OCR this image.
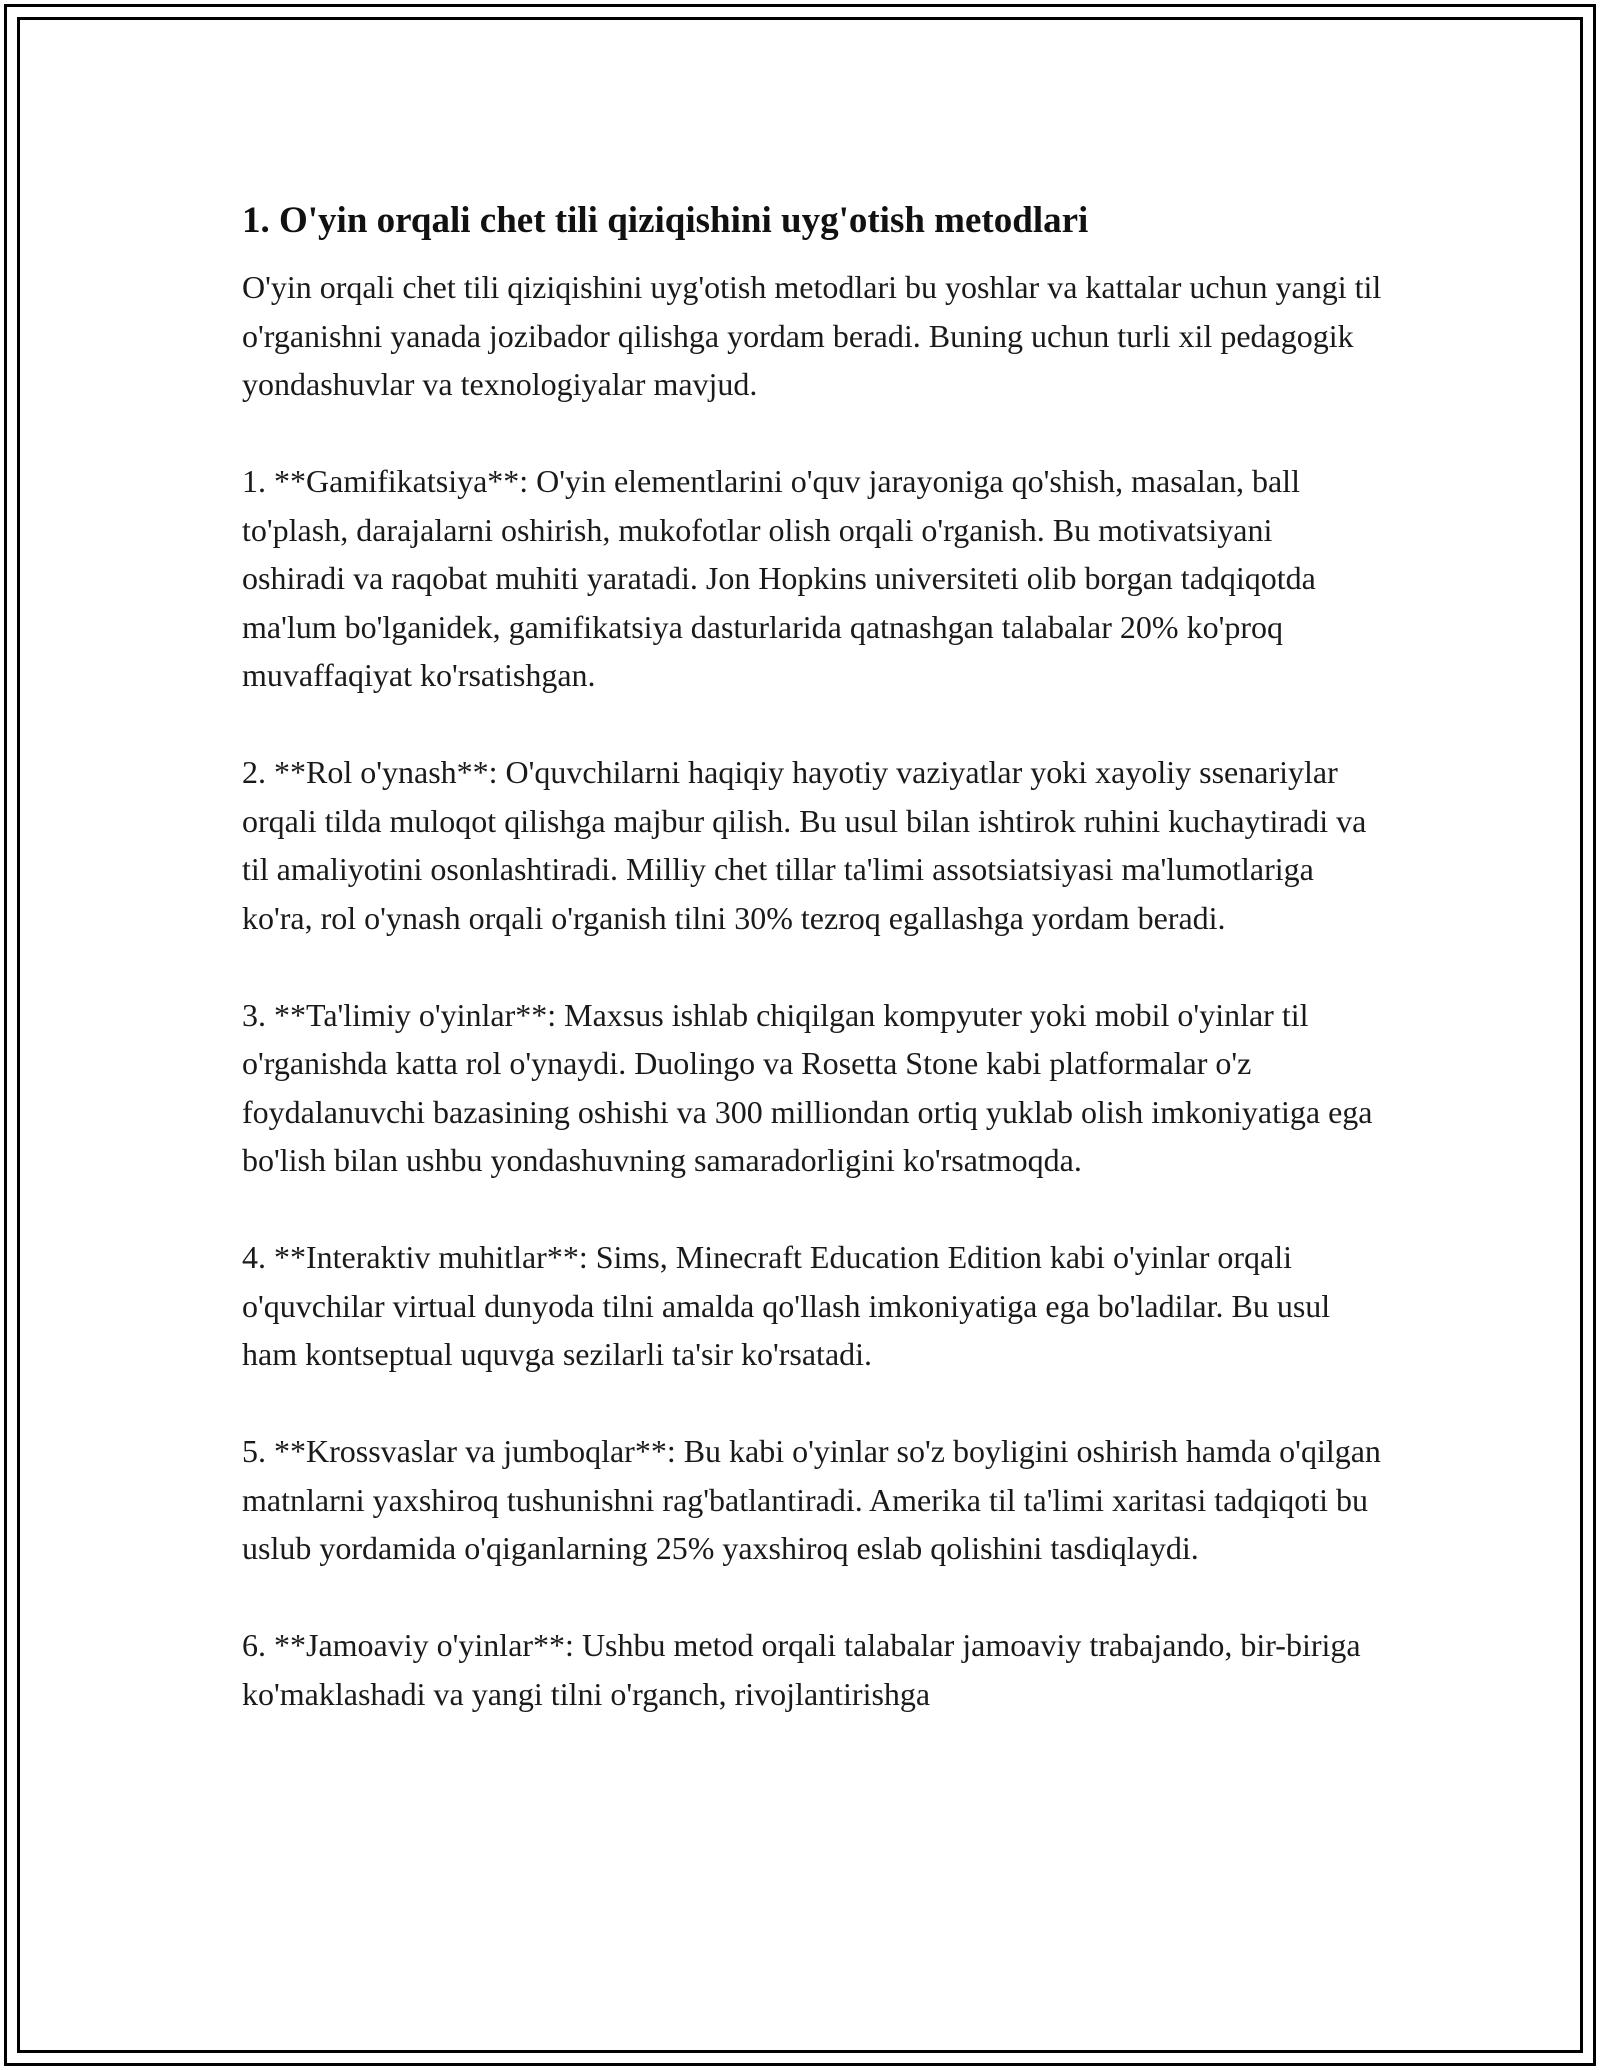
1. O'yin orqali chet tili qiziqishini uyg'otish metodlari

O'yin orqali chet tili qiziqishini uyg'otish metodlari bu yoshlar va kattalar uchun yangi til o'rganishni yanada jozibador qilishga yordam beradi. Buning uchun turli xil pedagogik yondashuvlar va texnologiyalar mavjud.

1. **Gamifikatsiya**: O'yin elementlarini o'quv jarayoniga qo'shish, masalan, ball to'plash, darajalarni oshirish, mukofotlar olish orqali o'rganish. Bu motivatsiyani oshiradi va raqobat muhiti yaratadi. Jon Hopkins universiteti olib borgan tadqiqotda ma'lum bo'lganidek, gamifikatsiya dasturlarida qatnashgan talabalar 20% ko'proq muvaffaqiyat ko'rsatishgan.

2. **Rol o'ynash**: O'quvchilarni haqiqiy hayotiy vaziyatlar yoki xayoliy ssenariylar orqali tilda muloqot qilishga majbur qilish. Bu usul bilan ishtirok ruhini kuchaytiradi va til amaliyotini osonlashtiradi. Milliy chet tillar ta'limi assotsiatsiyasi ma'lumotlariga ko'ra, rol o'ynash orqali o'rganish tilni 30% tezroq egallashga yordam beradi.

3. **Ta'limiy o'yinlar**: Maxsus ishlab chiqilgan kompyuter yoki mobil o'yinlar til o'rganishda katta rol o'ynaydi. Duolingo va Rosetta Stone kabi platformalar o'z foydalanuvchi bazasining oshishi va 300 milliondan ortiq yuklab olish imkoniyatiga ega bo'lish bilan ushbu yondashuvning samaradorligini ko'rsatmoqda.

4. **Interaktiv muhitlar**: Sims, Minecraft Education Edition kabi o'yinlar orqali o'quvchilar virtual dunyoda tilni amalda qo'llash imkoniyatiga ega bo'ladilar. Bu usul ham kontseptual uquvga sezilarli ta'sir ko'rsatadi.

5. **Krossvaslar va jumboqlar**: Bu kabi o'yinlar so'z boyligini oshirish hamda o'qilgan matnlarni yaxshiroq tushunishni rag'batlantiradi. Amerika til ta'limi xaritasi tadqiqoti bu uslub yordamida o'qiganlarning 25% yaxshiroq eslab qolishini tasdiqlaydi.

6. **Jamoaviy o'yinlar**: Ushbu metod orqali talabalar jamoaviy trabajando, bir-biriga ko'maklashadi va yangi tilni o'rganch, rivojlantirishga
